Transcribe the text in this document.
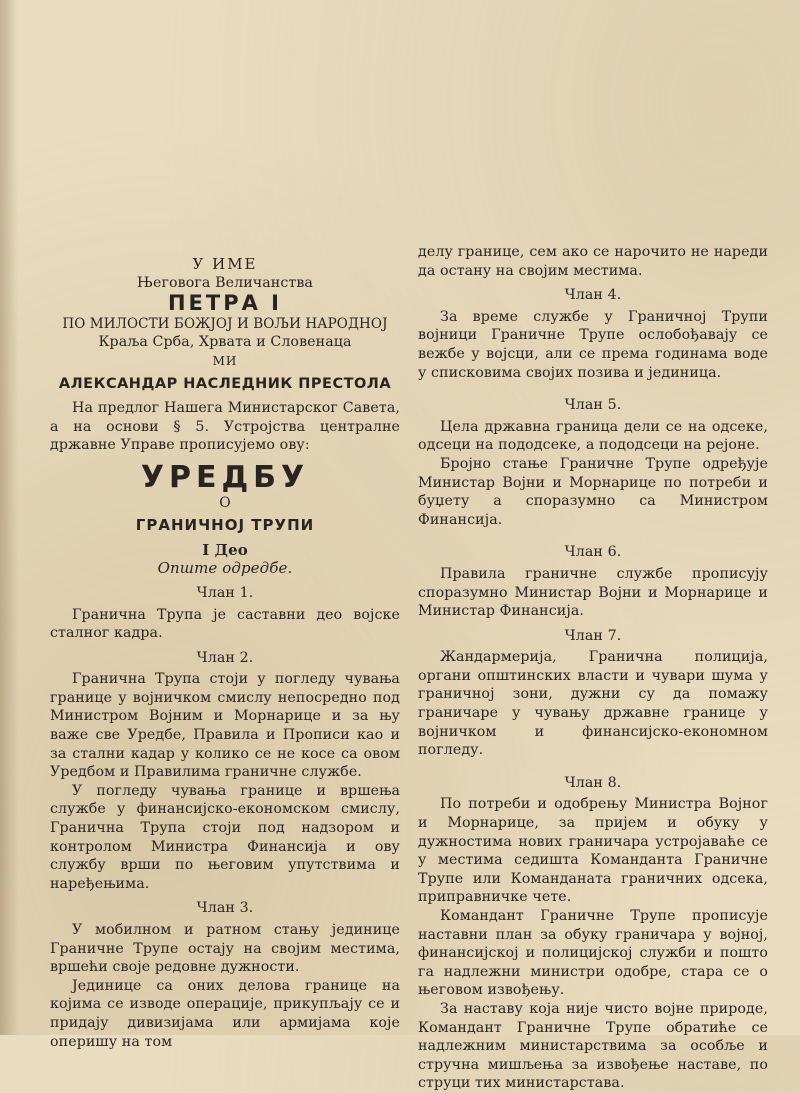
У ИМЕ
Његовога Величанства
ПЕТРА I
ПО МИЛОСТИ БОЖЈОЈ И ВОЉИ НАРОДНОЈ
Краља Срба, Хрвата и Словенаца
МИ
АЛЕКСАНДАР НАСЛЕДНИК ПРЕСТОЛА

На предлог Нашега Министарског Савета, а на основи § 5. Устројства централне државне Управе прописујемо ову:

УРЕДБУ
О
ГРАНИЧНОЈ ТРУПИ
I Део
Опште одредбе.
Члан 1.

Гранична Трупа је саставни део војске сталног кадра.

Члан 2.

Гранична Трупа стоји у погледу чувања границе у војничком смислу непосредно под Министром Војним и Морнарице и за њу важе све Уредбе, Правила и Прописи као и за стални кадар у колико се не косе са овом Уредбом и Правилима граничне службе.

У погледу чувања границе и вршења службе у финансијско-економском смислу, Гранична Трупа стоји под надзором и контролом Министра Финансија и ову службу врши по његовим упутствима и наређењима.

Члан 3.

У мобилном и ратном стању јединице Граничне Трупе остају на својим местима, вршећи своје редовне дужности.

Јединице са оних делова границе на којима се изводе операције, прикупљају се и придају дивизијама или армијама које оперишу на том

делу границе, сем ако се нарочито не нареди да остану на својим местима.

Члан 4.

За време службе у Граничној Трупи војници Граничне Трупе ослобођавају се вежбе у војсци, али се према годинама воде у списковима својих позива и јединица.

Члан 5.

Цела државна граница дели се на одсеке, одсеци на пододсеке, а пододсеци на рејоне.

Бројно стање Граничне Трупе одређује Министар Војни и Морнарице по потреби и буџету а споразумно са Министром Финансија.

Члан 6.

Правила граничне службе прописују споразумно Министар Војни и Морнарице и Министар Финансија.

Члан 7.

Жандармерија, Гранична полиција, органи општинских власти и чувари шума у граничној зони, дужни су да помажу граничаре у чувању државне границе у војничком и финансијско-економном погледу.

Члан 8.

По потреби и одобрењу Министра Војног и Морнарице, за пријем и обуку у дужностима нових граничара устројаваће се у местима седишта Команданта Граничне Трупе или Команданата граничних одсека, приправничке чете.

Командант Граничне Трупе прописује наставни план за обуку граничара у војној, финансијској и полицијској служби и пошто га надлежни министри одобре, стара се о његовом извођењу.

За наставу која није чисто војне природе, Командант Граничне Трупе обратиће се надлежним министарствима за особље и стручна мишљења за извођење наставе, по струци тих министарстава.
